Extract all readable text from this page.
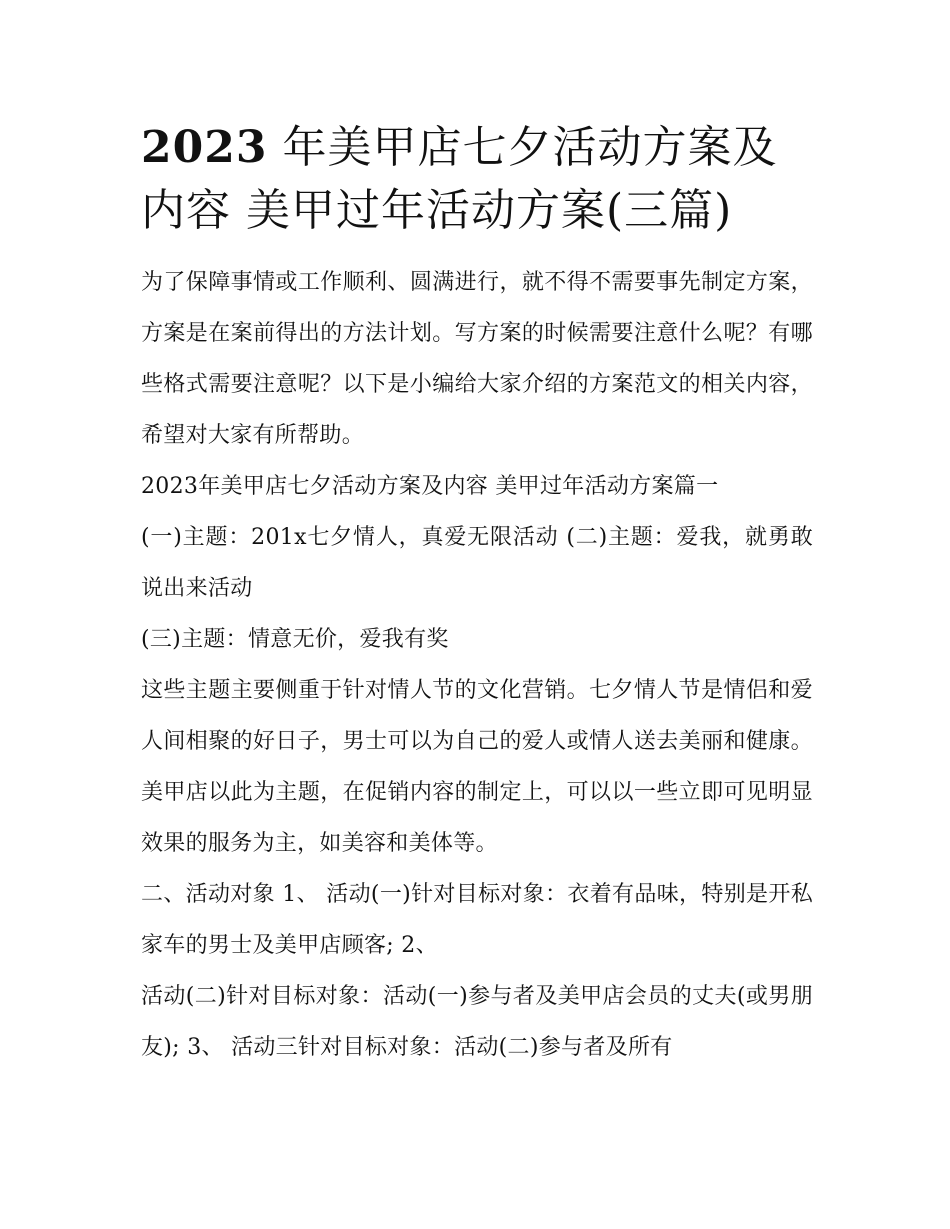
2023 年美甲店七夕活动方案及内容 美甲过年活动方案(三篇)

为了保障事情或工作顺利、圆满进行，就不得不需要事先制定方案，方案是在案前得出的方法计划。写方案的时候需要注意什么呢？有哪些格式需要注意呢？以下是小编给大家介绍的方案范文的相关内容，希望对大家有所帮助。

2023年美甲店七夕活动方案及内容 美甲过年活动方案篇一

(一)主题：201x七夕情人，真爱无限活动 (二)主题：爱我，就勇敢说出来活动

(三)主题：情意无价，爱我有奖

这些主题主要侧重于针对情人节的文化营销。七夕情人节是情侣和爱人间相聚的好日子，男士可以为自己的爱人或情人送去美丽和健康。美甲店以此为主题，在促销内容的制定上，可以以一些立即可见明显效果的服务为主，如美容和美体等。

二、活动对象 1、 活动(一)针对目标对象：衣着有品味，特别是开私家车的男士及美甲店顾客; 2、

活动(二)针对目标对象：活动(一)参与者及美甲店会员的丈夫(或男朋友); 3、 活动三针对目标对象：活动(二)参与者及所有
